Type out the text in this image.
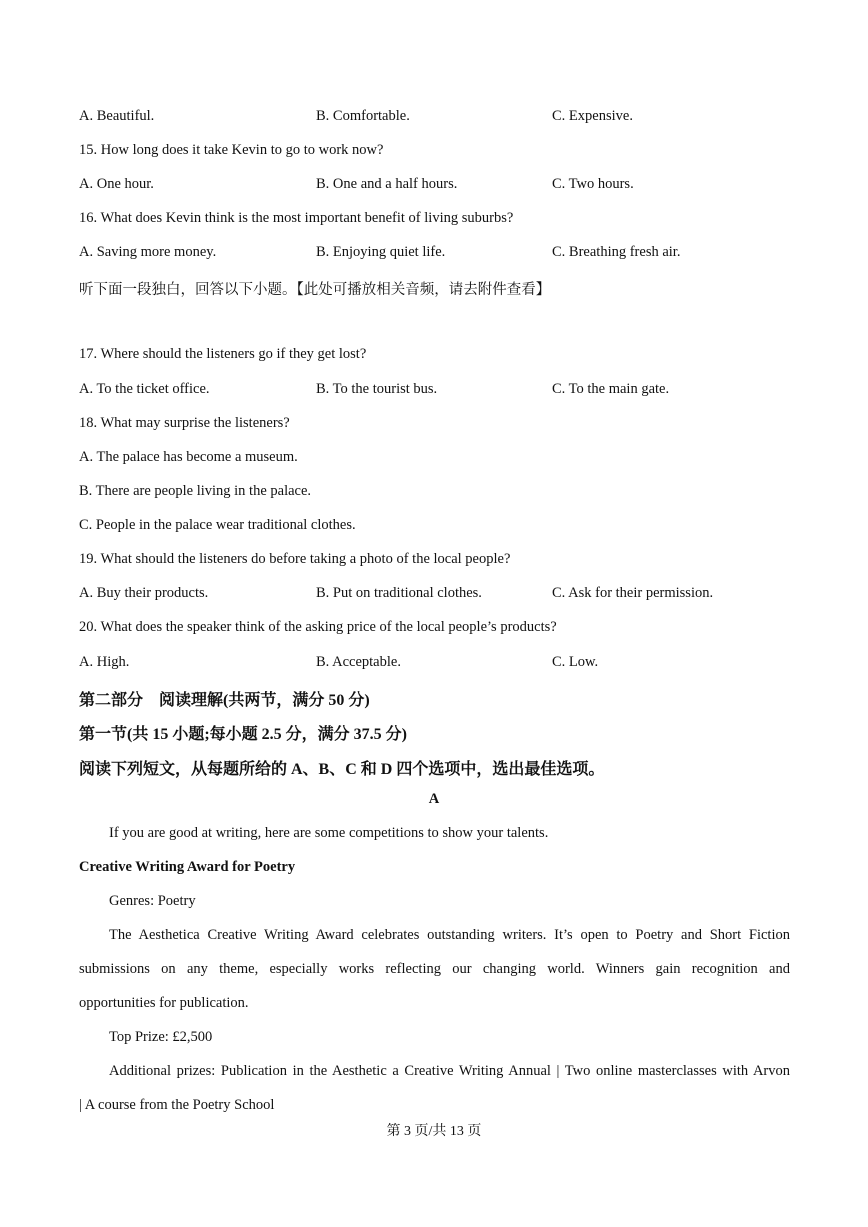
A. Beautiful.	B. Comfortable.	C. Expensive.
15. How long does it take Kevin to go to work now?
A. One hour.	B. One and a half hours.	C. Two hours.
16. What does Kevin think is the most important benefit of living suburbs?
A. Saving more money.	B. Enjoying quiet life.	C. Breathing fresh air.
听下面一段独白，回答以下小题。【此处可播放相关音频，请去附件查看】
17. Where should the listeners go if they get lost?
A. To the ticket office.	B. To the tourist bus.	C. To the main gate.
18. What may surprise the listeners?
A. The palace has become a museum.
B. There are people living in the palace.
C. People in the palace wear traditional clothes.
19. What should the listeners do before taking a photo of the local people?
A. Buy their products.	B. Put on traditional clothes.	C. Ask for their permission.
20. What does the speaker think of the asking price of the local people’s products?
A. High.	B. Acceptable.	C. Low.
第二部分　阅读理解(共两节，满分 50 分)
第一节(共 15 小题;每小题 2.5 分，满分 37.5 分)
阅读下列短文，从每题所给的 A、B、C 和 D 四个选项中，选出最佳选项。
A
If you are good at writing, here are some competitions to show your talents.
Creative Writing Award for Poetry
Genres: Poetry
The Aesthetica Creative Writing Award celebrates outstanding writers. It’s open to Poetry and Short Fiction
submissions on any theme, especially works reflecting our changing world. Winners gain recognition and
opportunities for publication.
Top Prize: £2,500
Additional prizes: Publication in the Aesthetic a Creative Writing Annual | Two online masterclasses with Arvon
| A course from the Poetry School
第 3 页/共 13 页
